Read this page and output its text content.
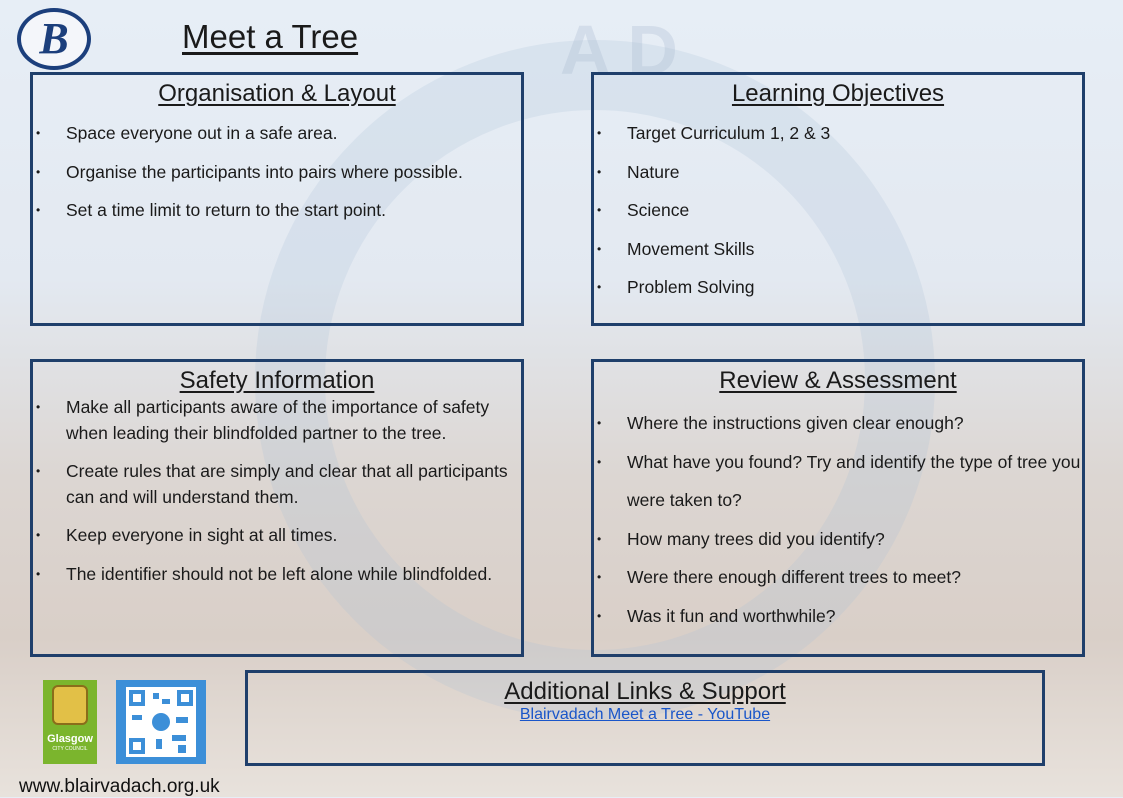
A D
B	Meet a Tree
Organisation & Layout
• Space everyone out in a safe area.
• Organise the participants into pairs where possible.
• Set a time limit to return to the start point.
Learning Objectives
• Target Curriculum 1, 2 & 3
• Nature
• Science
• Movement Skills
• Problem Solving
Safety Information
• Make all participants aware of the importance of safety when leading their blindfolded partner to the tree.
• Create rules that are simply and clear that all participants can and will understand them.
• Keep everyone in sight at all times.
• The identifier should not be left alone while blindfolded.
Review & Assessment
• Where the instructions given clear enough?
• What have you found? Try and identify the type of tree you were taken to?
• How many trees did you identify?
• Were there enough different trees to meet?
• Was it fun and worthwhile?
Additional Links & Support
Blairvadach Meet a Tree - YouTube
Glasgow
CITY COUNCIL
www.blairvadach.org.uk
